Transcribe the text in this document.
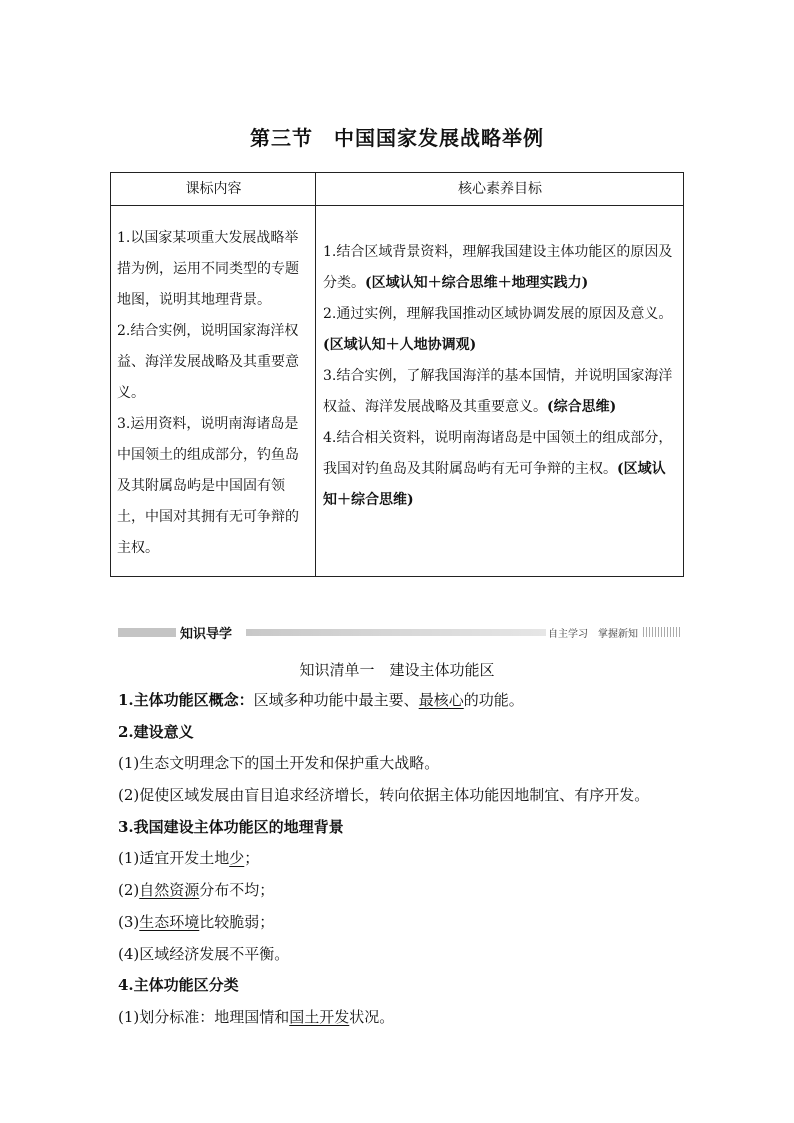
第三节　中国国家发展战略举例
课标内容	核心素养目标

1.以国家某项重大发展战略举措为例，运用不同类型的专题地图，说明其地理背景。

2.结合实例，说明国家海洋权益、海洋发展战略及其重要意义。

3.运用资料，说明南海诸岛是中国领土的组成部分，钓鱼岛及其附属岛屿是中国固有领土，中国对其拥有无可争辩的主权。

1.结合区域背景资料，理解我国建设主体功能区的原因及分类。(区域认知＋综合思维＋地理实践力)

2.通过实例，理解我国推动区域协调发展的原因及意义。(区域认知＋人地协调观)

3.结合实例，了解我国海洋的基本国情，并说明国家海洋权益、海洋发展战略及其重要意义。(综合思维)

4.结合相关资料，说明南海诸岛是中国领土的组成部分，我国对钓鱼岛及其附属岛屿有无可争辩的主权。(区域认知＋综合思维)

知识导学	自主学习　掌握新知
知识清单一　建设主体功能区
1.主体功能区概念：区域多种功能中最主要、最核心的功能。
2.建设意义
(1)生态文明理念下的国土开发和保护重大战略。
(2)促使区域发展由盲目追求经济增长，转向依据主体功能因地制宜、有序开发。
3.我国建设主体功能区的地理背景
(1)适宜开发土地少；
(2)自然资源分布不均；
(3)生态环境比较脆弱；
(4)区域经济发展不平衡。
4.主体功能区分类
(1)划分标准：地理国情和国土开发状况。
